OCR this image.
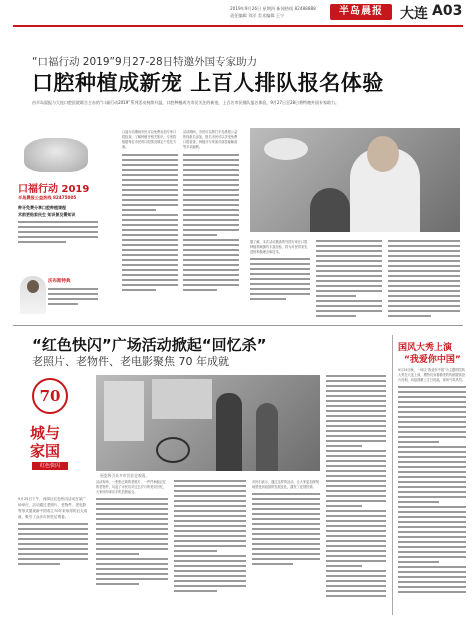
2019年9月26日 星期四 新闻热线 82488888
责任编辑 刘洋 美术编辑 王宁	半岛晨报	大连 A03
“口福行动 2019”9月27-28日特邀外国专家助力
口腔种植成新宠 上百人排队报名体验
由半岛晨报与大连口腔医院联合主办的“口福行动2019”系列活动持续升温，口腔种植成为市民关注的新宠，上百名市民排队报名体验，9月27日至28日将特邀外国专家助力。
口福行动 2019
半岛晨报公益热线 82475005
种牙免费分享口腔种植课程
术前更贴家民生 知识普及需知识
沃布斯特典
口福行动期间市民可以免费参加专家口腔检查，了解种植牙相关知识，专家将根据每位市民的口腔情况制定个性化方案。
活动期间，市民可以拨打半岛晨报公益热线报名参加，报名市民可以享受免费口腔检查，种植牙专家面对面答疑解惑等多项福利。
据了解，本次活动邀请的外国专家在口腔种植领域拥有丰富经验，将为市民带来先进的种植理念和技术。
“红色快闪”广场活动掀起“回忆杀”
老照片、老物件、老电影聚焦 70 年成就
70
城与
家国
红色快闪
9月25日下午，西岗区红色快闪活动在某广场举行，活动通过老照片、老物件、老电影等形式展现新中国成立70年来取得的巨大成就，吸引了众多市民驻足观看。
展览吸引众多市民驻足观看。
活动现场，一张张泛黄的老照片、一件件承载记忆的老物件，勾起了市民们对过去岁月的美好回忆，大家纷纷拿出手机拍照留念。
市民们表示，通过这样的活动，让大家更加深刻地感受到祖国的发展变化，激发了爱国热情。
国风大秀上演
“我爱你中国”
9月24日晚，一场以“我爱你中国”为主题的国风大秀在大连上演，模特们身着精美的传统服饰登台亮相，向祖国献上生日祝福，现场气氛热烈。
